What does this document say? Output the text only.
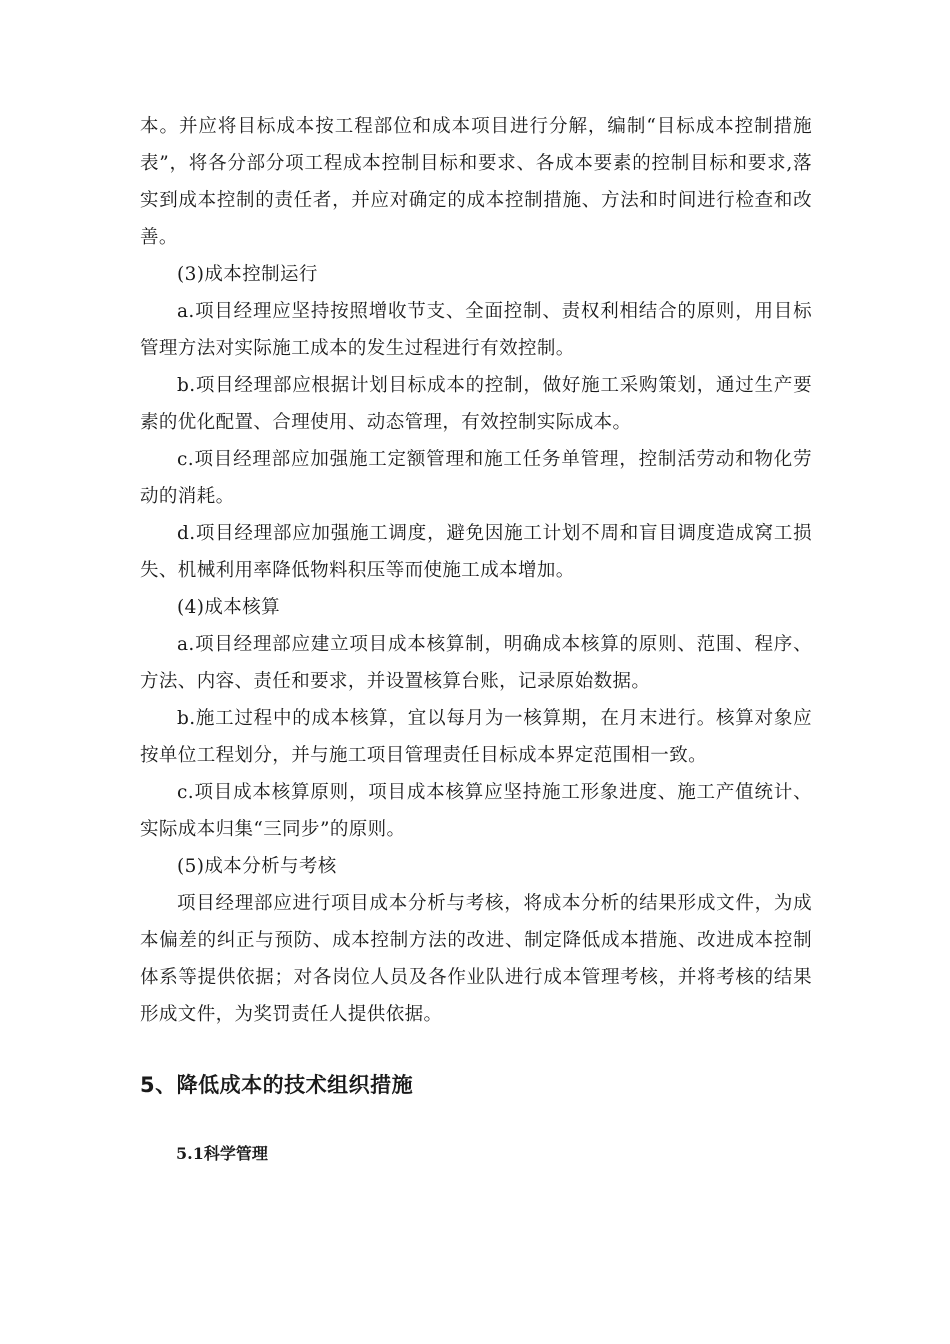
本。并应将目标成本按工程部位和成本项目进行分解，编制“目标成本控制措施表”，将各分部分项工程成本控制目标和要求、各成本要素的控制目标和要求,落实到成本控制的责任者，并应对确定的成本控制措施、方法和时间进行检查和改善。

(3)成本控制运行

a.项目经理应坚持按照增收节支、全面控制、责权利相结合的原则，用目标管理方法对实际施工成本的发生过程进行有效控制。

b.项目经理部应根据计划目标成本的控制，做好施工采购策划，通过生产要素的优化配置、合理使用、动态管理，有效控制实际成本。

c.项目经理部应加强施工定额管理和施工任务单管理，控制活劳动和物化劳动的消耗。

d.项目经理部应加强施工调度，避免因施工计划不周和盲目调度造成窝工损失、机械利用率降低物料积压等而使施工成本增加。

(4)成本核算

a.项目经理部应建立项目成本核算制，明确成本核算的原则、范围、程序、方法、内容、责任和要求，并设置核算台账，记录原始数据。

b.施工过程中的成本核算，宜以每月为一核算期，在月末进行。核算对象应按单位工程划分，并与施工项目管理责任目标成本界定范围相一致。

c.项目成本核算原则，项目成本核算应坚持施工形象进度、施工产值统计、实际成本归集“三同步”的原则。

(5)成本分析与考核

项目经理部应进行项目成本分析与考核，将成本分析的结果形成文件，为成本偏差的纠正与预防、成本控制方法的改进、制定降低成本措施、改进成本控制体系等提供依据；对各岗位人员及各作业队进行成本管理考核，并将考核的结果形成文件，为奖罚责任人提供依据。

5、降低成本的技术组织措施
5.1科学管理
